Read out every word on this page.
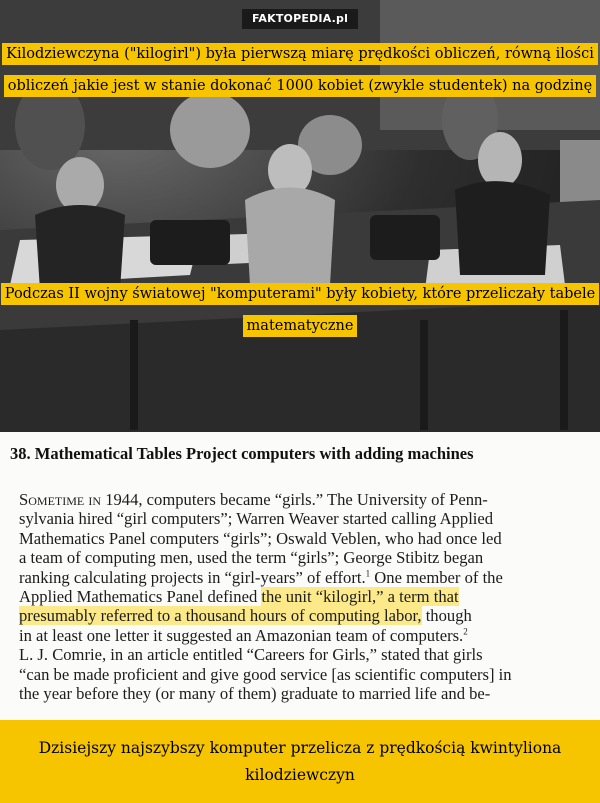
FAKTOPEDIA.pl
Kilodziewczyna ("kilogirl") była pierwszą miarę prędkości obliczeń, równą ilości obliczeń jakie jest w stanie dokonać 1000 kobiet (zwykle studentek) na godzinę
Podczas II wojny światowej "komputerami" były kobiety, które przeliczały tabele matematyczne
38. Mathematical Tables Project computers with adding machines
Sometime in 1944, computers became “girls.” The University of Penn-
sylvania hired “girl computers”; Warren Weaver started calling Applied
Mathematics Panel computers “girls”; Oswald Veblen, who had once led
a team of computing men, used the term “girls”; George Stibitz began
ranking calculating projects in “girl-years” of effort.$^1$ One member of the
Applied Mathematics Panel defined the unit “kilogirl,” a term that
presumably referred to a thousand hours of computing labor, though
in at least one letter it suggested an Amazonian team of computers.$^2$
L. J. Comrie, in an article entitled “Careers for Girls,” stated that girls
“can be made proficient and give good service [as scientific computers] in
the year before they (or many of them) graduate to married life and be-
Dzisiejszy najszybszy komputer przelicza z prędkością kwintyliona kilodziewczyn
